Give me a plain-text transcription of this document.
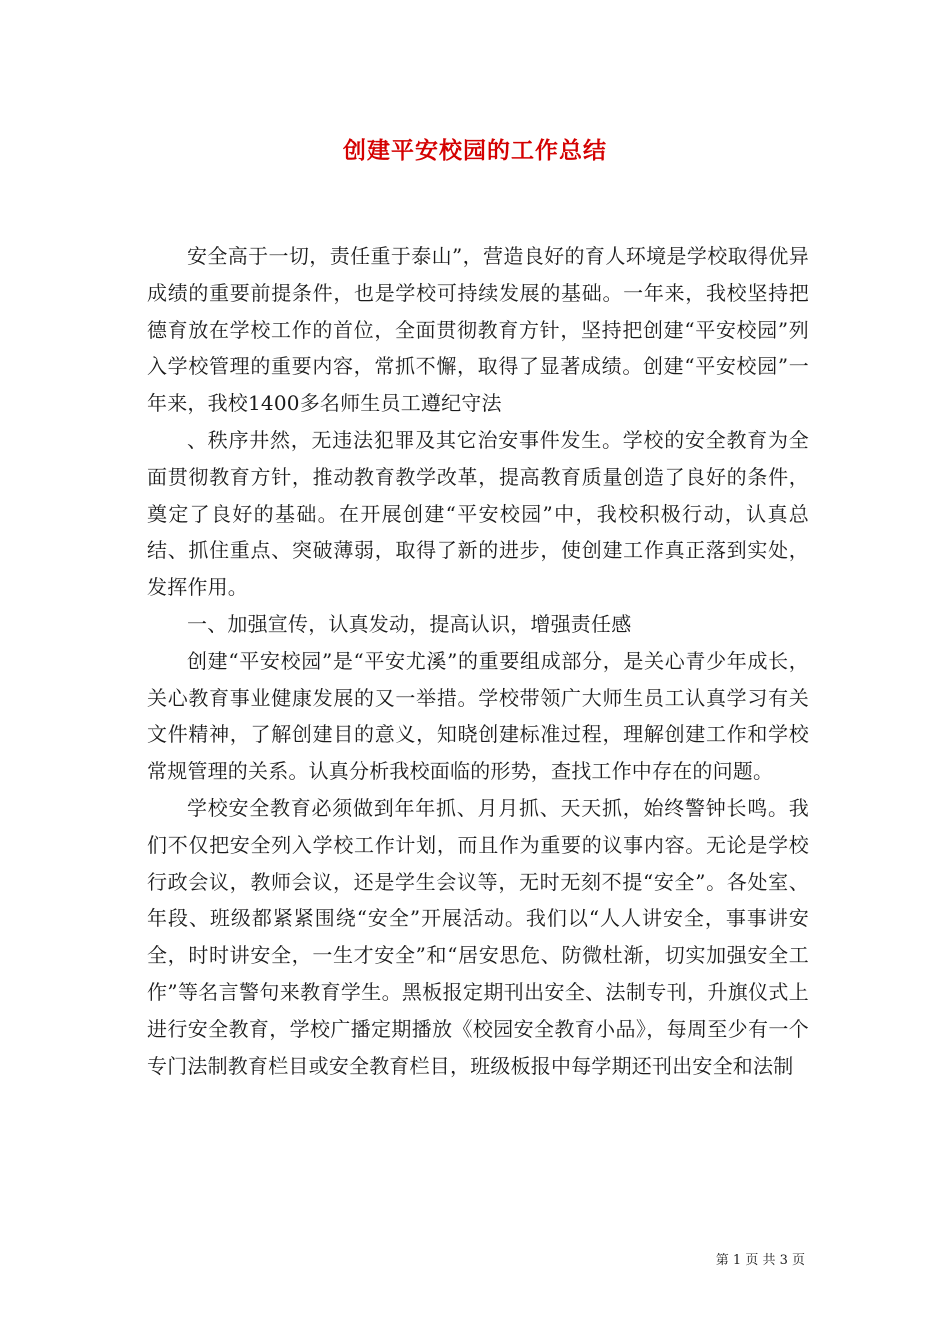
创建平安校园的工作总结

安全高于一切，责任重于泰山”，营造良好的育人环境是学校取得优异成绩的重要前提条件，也是学校可持续发展的基础。一年来，我校坚持把德育放在学校工作的首位，全面贯彻教育方针，坚持把创建“平安校园”列入学校管理的重要内容，常抓不懈，取得了显著成绩。创建“平安校园”一年来，我校1400多名师生员工遵纪守法

、秩序井然，无违法犯罪及其它治安事件发生。学校的安全教育为全面贯彻教育方针，推动教育教学改革，提高教育质量创造了良好的条件，奠定了良好的基础。在开展创建“平安校园”中，我校积极行动，认真总结、抓住重点、突破薄弱，取得了新的进步，使创建工作真正落到实处，发挥作用。

一、加强宣传，认真发动，提高认识，增强责任感

创建“平安校园”是“平安尤溪”的重要组成部分，是关心青少年成长，关心教育事业健康发展的又一举措。学校带领广大师生员工认真学习有关文件精神，了解创建目的意义，知晓创建标准过程，理解创建工作和学校常规管理的关系。认真分析我校面临的形势，查找工作中存在的问题。

学校安全教育必须做到年年抓、月月抓、天天抓，始终警钟长鸣。我们不仅把安全列入学校工作计划，而且作为重要的议事内容。无论是学校行政会议，教师会议，还是学生会议等，无时无刻不提“安全”。各处室、年段、班级都紧紧围绕“安全”开展活动。我们以“人人讲安全，事事讲安全，时时讲安全，一生才安全”和“居安思危、防微杜渐，切实加强安全工作”等名言警句来教育学生。黑板报定期刊出安全、法制专刊，升旗仪式上进行安全教育，学校广播定期播放《校园安全教育小品》，每周至少有一个专门法制教育栏目或安全教育栏目，班级板报中每学期还刊出安全和法制

第 1 页 共 3 页
